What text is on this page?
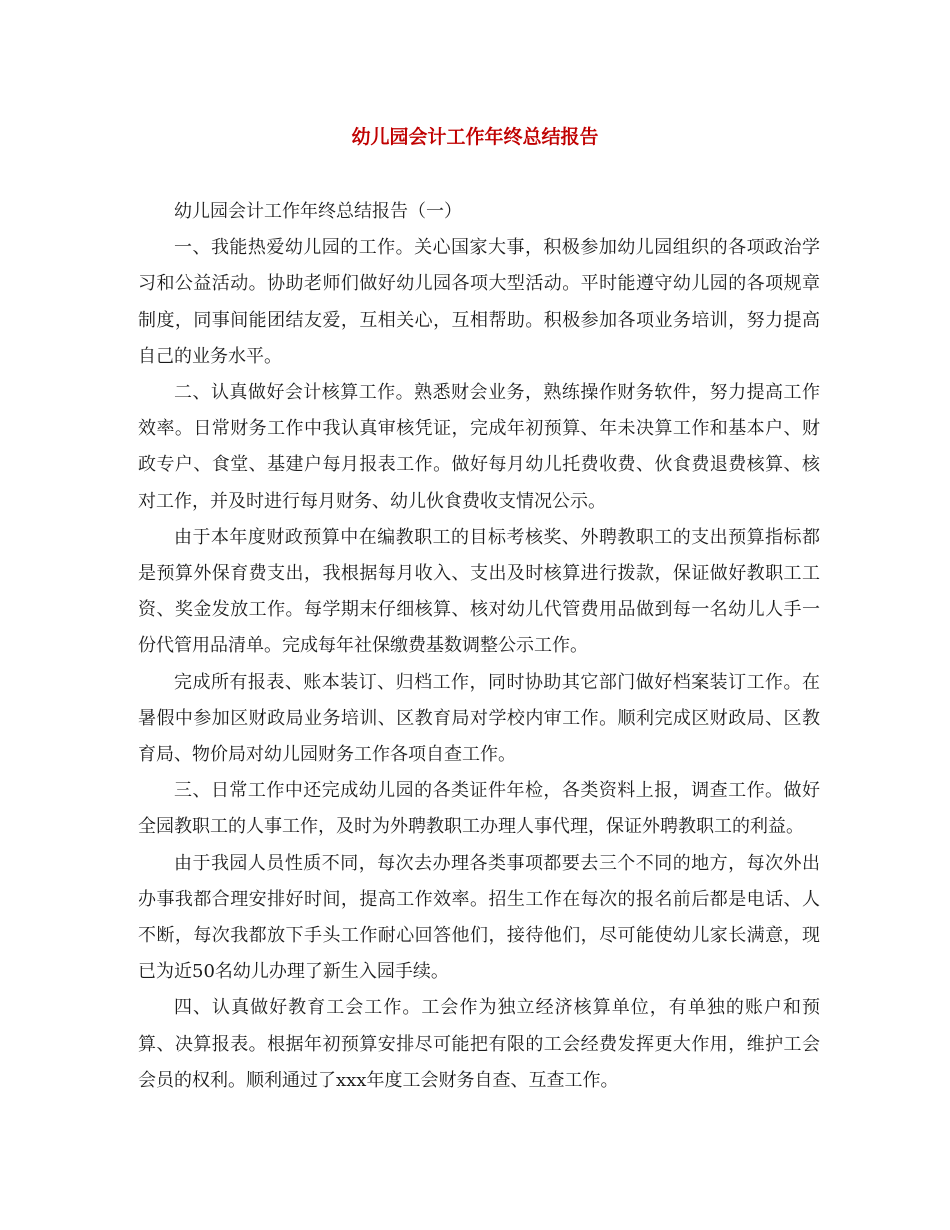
幼儿园会计工作年终总结报告

幼儿园会计工作年终总结报告（一）

一、我能热爱幼儿园的工作。关心国家大事，积极参加幼儿园组织的各项政治学习和公益活动。协助老师们做好幼儿园各项大型活动。平时能遵守幼儿园的各项规章制度，同事间能团结友爱，互相关心，互相帮助。积极参加各项业务培训，努力提高自己的业务水平。

二、认真做好会计核算工作。熟悉财会业务，熟练操作财务软件，努力提高工作效率。日常财务工作中我认真审核凭证，完成年初预算、年未决算工作和基本户、财政专户、食堂、基建户每月报表工作。做好每月幼儿托费收费、伙食费退费核算、核对工作，并及时进行每月财务、幼儿伙食费收支情况公示。

由于本年度财政预算中在编教职工的目标考核奖、外聘教职工的支出预算指标都是预算外保育费支出，我根据每月收入、支出及时核算进行拨款，保证做好教职工工资、奖金发放工作。每学期末仔细核算、核对幼儿代管费用品做到每一名幼儿人手一份代管用品清单。完成每年社保缴费基数调整公示工作。

完成所有报表、账本装订、归档工作，同时协助其它部门做好档案装订工作。在暑假中参加区财政局业务培训、区教育局对学校内审工作。顺利完成区财政局、区教育局、物价局对幼儿园财务工作各项自查工作。

三、日常工作中还完成幼儿园的各类证件年检，各类资料上报，调查工作。做好全园教职工的人事工作，及时为外聘教职工办理人事代理，保证外聘教职工的利益。

由于我园人员性质不同，每次去办理各类事项都要去三个不同的地方，每次外出办事我都合理安排好时间，提高工作效率。招生工作在每次的报名前后都是电话、人不断，每次我都放下手头工作耐心回答他们，接待他们，尽可能使幼儿家长满意，现已为近50名幼儿办理了新生入园手续。

四、认真做好教育工会工作。工会作为独立经济核算单位，有单独的账户和预算、决算报表。根据年初预算安排尽可能把有限的工会经费发挥更大作用，维护工会会员的权利。顺利通过了xxx年度工会财务自查、互查工作。
